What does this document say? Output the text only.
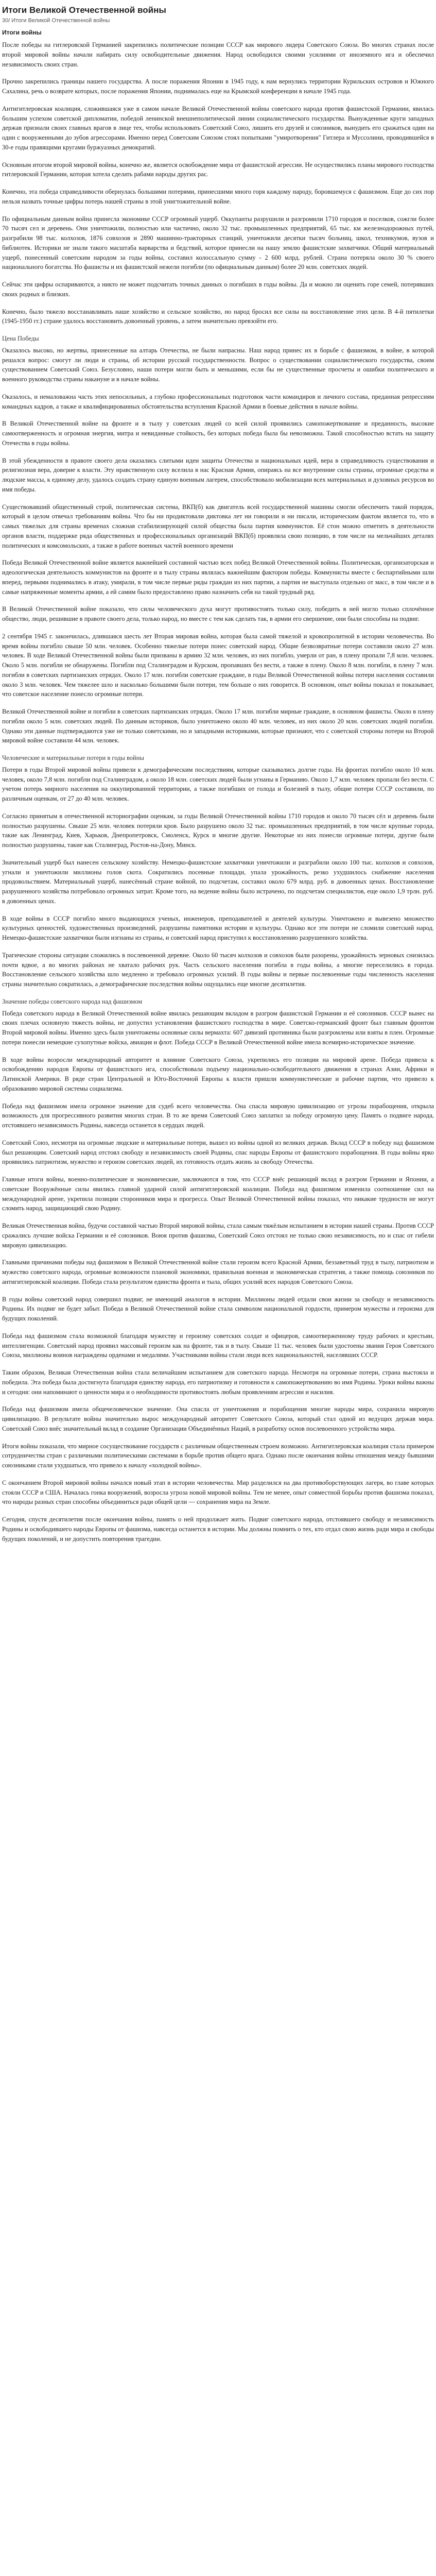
Итоги Великой Отечественной войны
30/ Итоги Великой Отечественной войны
Итоги войны

После победы на гитлеровской Германией закрепились политические позиции СССР как мирового лидера Советского Союза. Во многих странах после второй мировой войны начали набирать силу освободительные движения. Народ освободился своими усилиями от иноземного ига и обеспечил независимость своих стран.

Прочно закрепились границы нашего государства. А после поражения Японии в 1945 году, к нам вернулись территории Курильских островов и Южного Сахалина, речь о возврате которых, после поражения Японии, поднималась еще на Крымской конференции в начале 1945 года.

Антигитлеровская коалиция, сложившаяся уже в самом начале Великой Отечественной войны советского народа против фашистской Германии, явилась большим успехом советской дипломатии, победой ленинской внешнеполитической линии социалистического государства. Вынужденные круги западных держав признали своих главных врагов в лице тех, чтобы использовать Советский Союз, лишить его друзей и союзников, вынудить его сражаться один на один с вооруженными до зубов агрессорами. Именно перед Советским Союзом стоял попытками "умиротворения" Гитлера и Муссолини, проводившейся в 30-е годы правящими кругами буржуазных демократий.

Основным итогом второй мировой войны, конечно же, является освобождение мира от фашистской агрессии. Не осуществились планы мирового господства гитлеровской Германии, которая хотела сделать рабами народы других рас.

Конечно, эта победа справедливости обернулась большими потерями, принесшими много горя каждому народу, боровшемуся с фашизмом. Еще до сих пор нельзя назвать точные цифры потерь нашей страны в этой унигтожительной войне.

По официальным данным война принесла экономике СССР огромный ущерб. Оккупанты разрушили и разгромили 1710 городов и поселков, сожгли более 70 тысяч сел и деревень. Они уничтожили, полностью или частично, около 32 тыс. промышленных предприятий, 65 тыс. км железнодорожных путей, разграбили 98 тыс. колхозов, 1876 совхозов и 2890 машинно-тракторных станций, уничтожили десятки тысяч больниц, школ, техникумов, вузов и библиотек. Историки не знали такого масштаба варварства и бедствий, которое принесли на нашу землю фашистские захватчики. Общий материальный ущерб, понесенный советским народом за годы войны, составил колоссальную сумму - 2 600 млрд. рублей. Страна потеряла около 30 % своего национального богатства. Но фашисты и их фашистской нежели погибли (по официальным данным) более 20 млн. советских людей.

Сейчас эти цифры оспариваются, а никто не может подсчитать точных данных о погибших в годы войны. Да и можно ли оценить горе семей, потерявших своих родных и близких.

Конечно, было тяжело восстанавливать наше хозяйство и сельское хозяйство, но народ бросил все силы на восстановление этих цели. В 4-й пятилетки (1945-1950 гг.) стране удалось восстановить довоенный уровень, а затем значительно превзойти его.

Цена Победы

Оказалось высоко, но жертвы, принесенные на алтарь Отечества, не были напрасны. Наш народ принес их в борьбе с фашизмом, в войне, в которой решался вопрос: смогут ли люди и страны, об истории русской государственности. Вопрос о существовании социалистического государства, своим существованием Советский Союз. Безусловно, наши потери могли быть и меньшими, если бы не существенные просчеты и ошибки политического и военного руководства страны накануне и в начале войны.

Оказалось, и немаловажна часть этих непосильных, а глубоко профессиональных подготовок части командиров и личного состава, преданная репрессиям командных кадров, а также и квалифицированных обстоятельства вступления Красной Армии в боевые действия в начале войны.

В Великой Отечественной войне на фронте и в тылу у советских людей со всей силой проявились самопожертвование и преданность, высокие самоотверженность и огромная энергия, митра и невиданные стойкость, без которых победа была бы невозможна. Такой способностью встать на защиту Отечества в годы войны.

В этой убежденности в правоте своего дела оказались слитыми идеи защиты Отечества и национальных идей, вера в справедливость существования и религиозная вера, доверие к власти. Эту нравственную силу вселила в нас Красная Армия, опираясь на все внутренние силы страны, огромные средства и людские массы, к единому делу, удалось создать страну единую военным лагерем, способствовало мобилизации всех материальных и духовных ресурсов во имя победы.

Существовавший общественный строй, политическая система, ВКП(б) как двигатель всей государственной машины смогли обеспечить такой порядок, который в целом отвечал требованиям войны. Что бы ни продиктовали диктовка лет ни говорили и ни писали, историческим фактом является то, что в самых тяжелых для страны временах сложная стабилизирующей силой общества была партия коммунистов. Её стон можно отметить в деятельности органов власти, поддержке ряда общественных и профессиональных организаций ВКП(б) проявляла свою позицию, в том числе на мельчайших деталях политических и комсомольских, а также в работе военных частей военного времени

Победа Великой Отечественной войне является важнейшей составной частью всех побед Великой Отечественной войны. Политическая, организаторская и идеологическая деятельность коммунистов на фронте и в тылу страны являлась важнейшим фактором победы. Коммунисты вместе с беспартийными шли вперед, первыми поднимались в атаку, умирали, в том числе первые ряды граждан из них партии, а партия не выступала отдельно от масс, в том числе и в самые напряженные моменты армии, а ей самим было предоставлено право назначить себя на такой трудный ряд.

В Великой Отечественной войне показало, что силы человеческого духа могут противостоять только силу, победить в ней могло только сплочённое общество, люди, решившие в правоте своего дела, только народ, но вместе с тем как сделать так, в армии его свершение, они были способны на подвиг.

2 сентября 1945 г. закончилась, длившаяся шесть лет Вторая мировая война, которая была самой тяжелой и кровопролитной в истории человечества. Во время войны погибло свыше 50 млн. человек. Особенно тяжелые потери понес советский народ. Общие безвозвратные потери составили около 27 млн. человек. В ходе Великой Отечественной войны были призваны в армию 32 млн. человек, из них погибло, умерли от ран, в плену пропали 7,8 млн. человек. Около 5 млн. погибли не обнаружены. Погибли под Сталинградом и Курском, пропавших без вести, а также в плену. Около 8 млн. погибли, в плену 7 млн. погибли в советских партизанских отрядах. Около 17 млн. погибли советские граждане, в годы Великой Отечественной войны потери населения составили около 3 млн. человек. Чем тяжелее шло и насколько большими были потери, тем больше о них говорится. В основном, опыт войны показал и показывает, что советское население понесло огромные потери.

Великой Отечественной войне и погибли в советских партизанских отрядах. Около 17 млн. погибли мирные граждане, в основном фашисты. Около в плену погибли около 5 млн. советских людей. По данным историков, было уничтожено около 40 млн. человек, из них около 20 млн. советских людей погибли. Однако эти данные подтверждаются уже не только советскими, но и западными историками, которые признают, что с советской стороны потери на Второй мировой войне составили 44 млн. человек.

Человеческие и материальные потери в годы войны

Потери в годы Второй мировой войны привели к демографическим последствиям, которые сказывались долгие годы. На фронтах погибло около 10 млн. человек, около 7,8 млн. погибли под Сталинградом, а около 18 млн. советских людей были угнаны в Германию. Около 1,7 млн. человек пропали без вести. С учетом потерь мирного населения на оккупированной территории, а также погибших от голода и болезней в тылу, общие потери СССР составили, по различным оценкам, от 27 до 40 млн. человек.

Согласно принятым в отечественной историографии оценкам, за годы Великой Отечественной войны 1710 городов и около 70 тысяч сёл и деревень были полностью разрушены. Свыше 25 млн. человек потеряли кров. Было разрушено около 32 тыс. промышленных предприятий, в том числе крупные города, такие как Ленинград, Киев, Харьков, Днепропетровск, Смоленск, Курск и многие другие. Некоторые из них понесли огромные потери, другие были полностью разрушены, такие как Сталинград, Ростов-на-Дону, Минск.

Значительный ущерб был нанесен сельскому хозяйству. Немецко-фашистские захватчики уничтожили и разграбили около 100 тыс. колхозов и совхозов, угнали и уничтожили миллионы голов скота. Сократились посевные площади, упала урожайность, резко ухудшилось снабжение населения продовольствием. Материальный ущерб, нанесённый стране войной, по подсчетам, составил около 679 млрд. руб. в довоенных ценах. Восстановление разрушенного хозяйства потребовало огромных затрат. Кроме того, на ведение войны было истрачено, по подсчетам специалистов, еще около 1,9 трлн. руб. в довоенных ценах.

В ходе войны в СССР погибло много выдающихся ученых, инженеров, преподавателей и деятелей культуры. Уничтожено и вывезено множество культурных ценностей, художественных произведений, разрушены памятники истории и культуры. Однако все эти потери не сломили советский народ. Немецко-фашистские захватчики были изгнаны из страны, и советский народ приступил к восстановлению разрушенного хозяйства.

Трагические стороны ситуации сложились в послевоенной деревне. Около 60 тысяч колхозов и совхозов были разорены, урожайность зерновых снизилась почти вдвое, а во многих районах не хватало рабочих рук. Часть сельского населения погибла в годы войны, а многие переселились в города. Восстановление сельского хозяйства шло медленно и требовало огромных усилий. В годы войны и первые послевоенные годы численность населения страны значительно сократилась, а демографические последствия войны ощущались еще многие десятилетия.

Значение победы советского народа над фашизмом

Победа советского народа в Великой Отечественной войне явилась решающим вкладом в разгром фашистской Германии и её союзников. СССР вынес на своих плечах основную тяжесть войны, не допустил установления фашистского господства в мире. Советско-германский фронт был главным фронтом Второй мировой войны. Именно здесь были уничтожены основные силы вермахта: 607 дивизий противника были разгромлены или взяты в плен. Огромные потери понесли немецкие сухопутные войска, авиация и флот. Победа СССР в Великой Отечественной войне имела всемирно-историческое значение.

В ходе войны возросли международный авторитет и влияние Советского Союза, укрепились его позиции на мировой арене. Победа привела к освобождению народов Европы от фашистского ига, способствовала подъему национально-освободительного движения в странах Азии, Африки и Латинской Америки. В ряде стран Центральной и Юго-Восточной Европы к власти пришли коммунистические и рабочие партии, что привело к образованию мировой системы социализма.

Победа над фашизмом имела огромное значение для судеб всего человечества. Она спасла мировую цивилизацию от угрозы порабощения, открыла возможность для прогрессивного развития многих стран. В то же время Советский Союз заплатил за победу огромную цену. Память о подвиге народа, отстоявшего независимость Родины, навсегда останется в сердцах людей.

Советский Союз, несмотря на огромные людские и материальные потери, вышел из войны одной из великих держав. Вклад СССР в победу над фашизмом был решающим. Советский народ отстоял свободу и независимость своей Родины, спас народы Европы от фашистского порабощения. В годы войны ярко проявились патриотизм, мужество и героизм советских людей, их готовность отдать жизнь за свободу Отечества.

Главные итоги войны, военно-политические и экономические, заключаются в том, что СССР внёс решающий вклад в разгром Германии и Японии, а советские Вооружённые силы явились главной ударной силой антигитлеровской коалиции. Победа над фашизмом изменила соотношение сил на международной арене, укрепила позиции сторонников мира и прогресса. Опыт Великой Отечественной войны показал, что никакие трудности не могут сломить народ, защищающий свою Родину.

Великая Отечественная война, будучи составной частью Второй мировой войны, стала самым тяжёлым испытанием в истории нашей страны. Против СССР сражались лучшие войска Германии и её союзников. Воюя против фашизма, Советский Союз отстоял не только свою независимость, но и спас от гибели мировую цивилизацию.

Главными причинами победы над фашизмом в Великой Отечественной войне стали героизм всего Красной Армии, беззаветный труд в тылу, патриотизм и мужество советского народа, огромные возможности плановой экономики, правильная военная и экономическая стратегия, а также помощь союзников по антигитлеровской коалиции. Победа стала результатом единства фронта и тыла, общих усилий всех народов Советского Союза.

В годы войны советский народ совершил подвиг, не имеющий аналогов в истории. Миллионы людей отдали свои жизни за свободу и независимость Родины. Их подвиг не будет забыт. Победа в Великой Отечественной войне стала символом национальной гордости, примером мужества и героизма для будущих поколений.

Победа над фашизмом стала возможной благодаря мужеству и героизму советских солдат и офицеров, самоотверженному труду рабочих и крестьян, интеллигенции. Советский народ проявил массовый героизм как на фронте, так и в тылу. Свыше 11 тыс. человек были удостоены звания Героя Советского Союза, миллионы воинов награждены орденами и медалями. Участниками войны стали люди всех национальностей, населявших СССР.

Таким образом, Великая Отечественная война стала величайшим испытанием для советского народа. Несмотря на огромные потери, страна выстояла и победила. Эта победа была достигнута благодаря единству народа, его патриотизму и готовности к самопожертвованию во имя Родины. Уроки войны важны и сегодня: они напоминают о ценности мира и о необходимости противостоять любым проявлениям агрессии и насилия.

Победа над фашизмом имела общечеловеческое значение. Она спасла от уничтожения и порабощения многие народы мира, сохранила мировую цивилизацию. В результате войны значительно вырос международный авторитет Советского Союза, который стал одной из ведущих держав мира. Советский Союз внёс значительный вклад в создание Организации Объединённых Наций, в разработку основ послевоенного устройства мира.

Итоги войны показали, что мирное сосуществование государств с различным общественным строем возможно. Антигитлеровская коалиция стала примером сотрудничества стран с различными политическими системами в борьбе против общего врага. Однако после окончания войны отношения между бывшими союзниками стали ухудшаться, что привело к началу «холодной войны».

С окончанием Второй мировой войны начался новый этап в истории человечества. Мир разделился на два противоборствующих лагеря, во главе которых стояли СССР и США. Началась гонка вооружений, возросла угроза новой мировой войны. Тем не менее, опыт совместной борьбы против фашизма показал, что народы разных стран способны объединиться ради общей цели — сохранения мира на Земле.

Сегодня, спустя десятилетия после окончания войны, память о ней продолжает жить. Подвиг советского народа, отстоявшего свободу и независимость Родины и освободившего народы Европы от фашизма, навсегда останется в истории. Мы должны помнить о тех, кто отдал свою жизнь ради мира и свободы будущих поколений, и не допустить повторения трагедии.
